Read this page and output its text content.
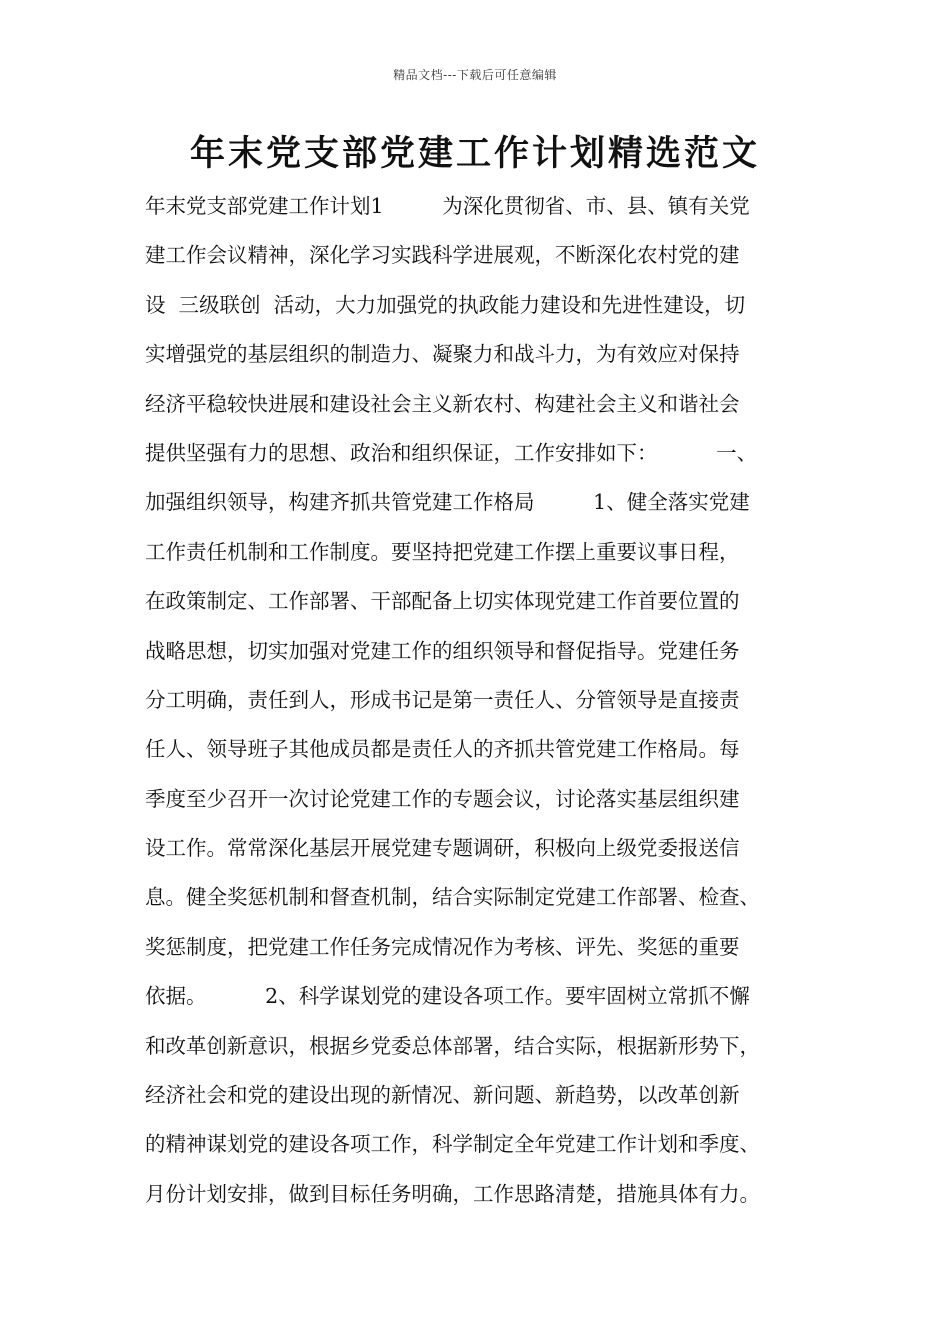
精品文档---下载后可任意编辑
年末党支部党建工作计划精选范文
年末党支部党建工作计划1         为深化贯彻省、市、县、镇有关党
建工作会议精神，深化学习实践科学进展观，不断深化农村党的建
设  三级联创  活动，大力加强党的执政能力建设和先进性建设，切
实增强党的基层组织的制造力、凝聚力和战斗力，为有效应对保持
经济平稳较快进展和建设社会主义新农村、构建社会主义和谐社会
提供坚强有力的思想、政治和组织保证，工作安排如下：         一、
加强组织领导，构建齐抓共管党建工作格局         1、健全落实党建
工作责任机制和工作制度。要坚持把党建工作摆上重要议事日程，
在政策制定、工作部署、干部配备上切实体现党建工作首要位置的
战略思想，切实加强对党建工作的组织领导和督促指导。党建任务
分工明确，责任到人，形成书记是第一责任人、分管领导是直接责
任人、领导班子其他成员都是责任人的齐抓共管党建工作格局。每
季度至少召开一次讨论党建工作的专题会议，讨论落实基层组织建
设工作。常常深化基层开展党建专题调研，积极向上级党委报送信
息。健全奖惩机制和督查机制，结合实际制定党建工作部署、检查、
奖惩制度，把党建工作任务完成情况作为考核、评先、奖惩的重要
依据。         2、科学谋划党的建设各项工作。要牢固树立常抓不懈
和改革创新意识，根据乡党委总体部署，结合实际，根据新形势下，
经济社会和党的建设出现的新情况、新问题、新趋势，以改革创新
的精神谋划党的建设各项工作，科学制定全年党建工作计划和季度、
月份计划安排，做到目标任务明确，工作思路清楚，措施具体有力。
